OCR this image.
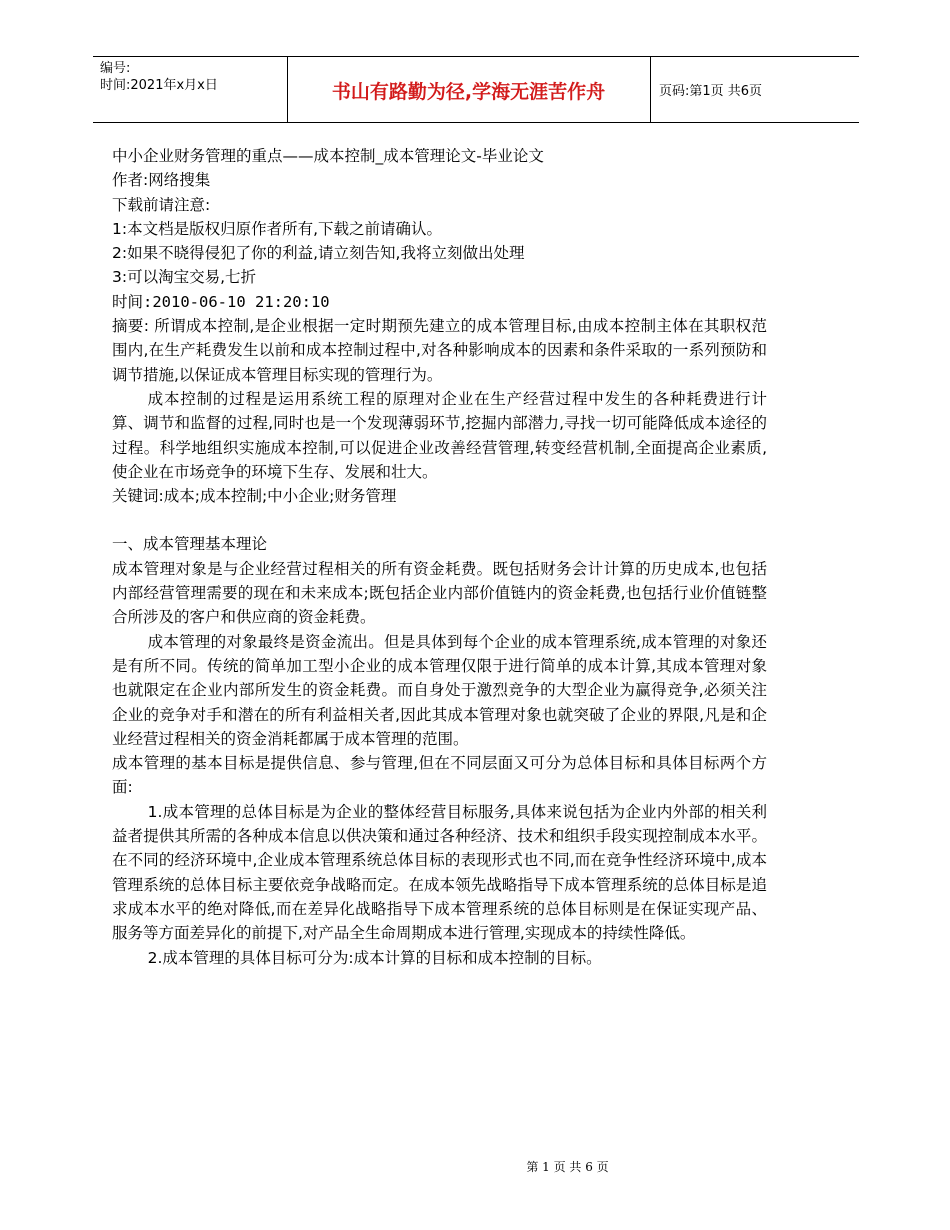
编号:
时间:2021年x月x日	书山有路勤为径,学海无涯苦作舟	页码:第1页 共6页
中小企业财务管理的重点——成本控制_成本管理论文-毕业论文
作者:网络搜集
下载前请注意:
1:本文档是版权归原作者所有,下载之前请确认。
2:如果不晓得侵犯了你的利益,请立刻告知,我将立刻做出处理
3:可以淘宝交易,七折
时间:2010-06-10 21:20:10

摘要: 所谓成本控制,是企业根据一定时期预先建立的成本管理目标,由成本控制主体在其职权范围内,在生产耗费发生以前和成本控制过程中,对各种影响成本的因素和条件采取的一系列预防和调节措施,以保证成本管理目标实现的管理行为。

成本控制的过程是运用系统工程的原理对企业在生产经营过程中发生的各种耗费进行计算、调节和监督的过程,同时也是一个发现薄弱环节,挖掘内部潜力,寻找一切可能降低成本途径的过程。科学地组织实施成本控制,可以促进企业改善经营管理,转变经营机制,全面提高企业素质,使企业在市场竞争的环境下生存、发展和壮大。

关键词:成本;成本控制;中小企业;财务管理
一、成本管理基本理论

成本管理对象是与企业经营过程相关的所有资金耗费。既包括财务会计计算的历史成本,也包括内部经营管理需要的现在和未来成本;既包括企业内部价值链内的资金耗费,也包括行业价值链整合所涉及的客户和供应商的资金耗费。

成本管理的对象最终是资金流出。但是具体到每个企业的成本管理系统,成本管理的对象还是有所不同。传统的简单加工型小企业的成本管理仅限于进行简单的成本计算,其成本管理对象也就限定在企业内部所发生的资金耗费。而自身处于激烈竞争的大型企业为赢得竞争,必须关注企业的竞争对手和潜在的所有利益相关者,因此其成本管理对象也就突破了企业的界限,凡是和企业经营过程相关的资金消耗都属于成本管理的范围。

成本管理的基本目标是提供信息、参与管理,但在不同层面又可分为总体目标和具体目标两个方面:

1.成本管理的总体目标是为企业的整体经营目标服务,具体来说包括为企业内外部的相关利益者提供其所需的各种成本信息以供决策和通过各种经济、技术和组织手段实现控制成本水平。在不同的经济环境中,企业成本管理系统总体目标的表现形式也不同,而在竞争性经济环境中,成本管理系统的总体目标主要依竞争战略而定。在成本领先战略指导下成本管理系统的总体目标是追求成本水平的绝对降低,而在差异化战略指导下成本管理系统的总体目标则是在保证实现产品、服务等方面差异化的前提下,对产品全生命周期成本进行管理,实现成本的持续性降低。

2.成本管理的具体目标可分为:成本计算的目标和成本控制的目标。

第 1 页 共 6 页
